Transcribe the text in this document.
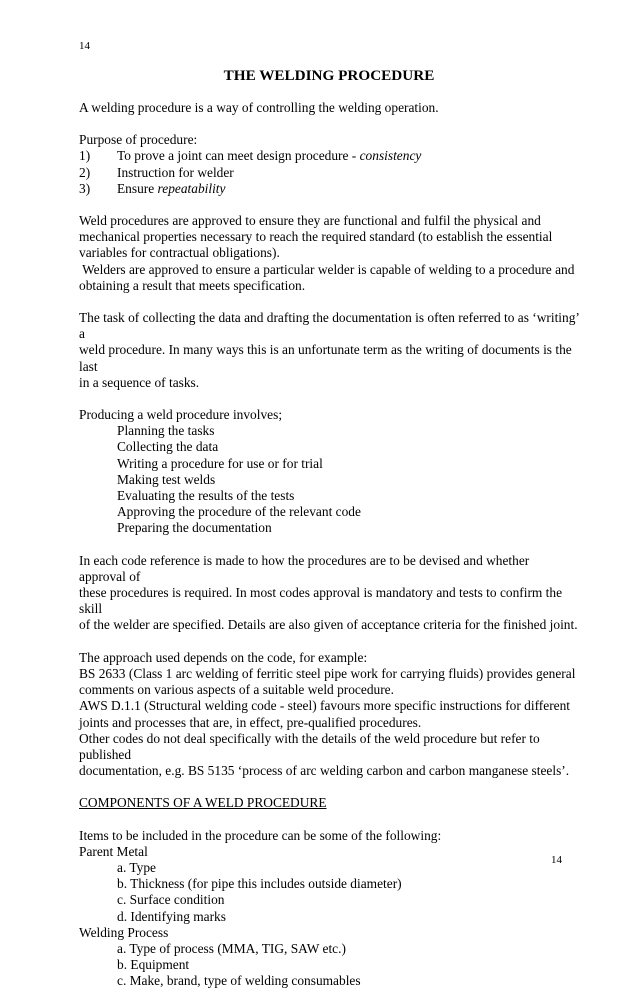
14
THE WELDING PROCEDURE

A welding procedure is a way of controlling the welding operation.

Purpose of procedure:

1)	To prove a joint can meet design procedure - consistency
2)	Instruction for welder
3)	Ensure repeatability

Weld procedures are approved to ensure they are functional and fulfil the physical and

mechanical properties necessary to reach the required standard (to establish the essential

variables for contractual obligations).

Welders are approved to ensure a particular welder is capable of welding to a procedure and

obtaining a result that meets specification.

The task of collecting the data and drafting the documentation is often referred to as ‘writing’ a

weld procedure. In many ways this is an unfortunate term as the writing of documents is the last

in a sequence of tasks.

Producing a weld procedure involves;

Planning the tasks

Collecting the data

Writing a procedure for use or for trial

Making test welds

Evaluating the results of the tests

Approving the procedure of the relevant code

Preparing the documentation

In each code reference is made to how the procedures are to be devised and whether approval of

these procedures is required. In most codes approval is mandatory and tests to confirm the skill

of the welder are specified. Details are also given of acceptance criteria for the finished joint.

The approach used depends on the code, for example:

BS 2633 (Class 1 arc welding of ferritic steel pipe work for carrying fluids) provides general

comments on various aspects of a suitable weld procedure.

AWS D.1.1 (Structural welding code - steel) favours more specific instructions for different

joints and processes that are, in effect, pre-qualified procedures.

Other codes do not deal specifically with the details of the weld procedure but refer to published

documentation, e.g. BS 5135 ‘process of arc welding carbon and carbon manganese steels’.

COMPONENTS OF A WELD PROCEDURE

Items to be included in the procedure can be some of the following:

Parent Metal

a. Type

b. Thickness (for pipe this includes outside diameter)

c. Surface condition

d. Identifying marks

Welding Process

a. Type of process (MMA, TIG, SAW etc.)

b. Equipment

c. Make, brand, type of welding consumables

14
